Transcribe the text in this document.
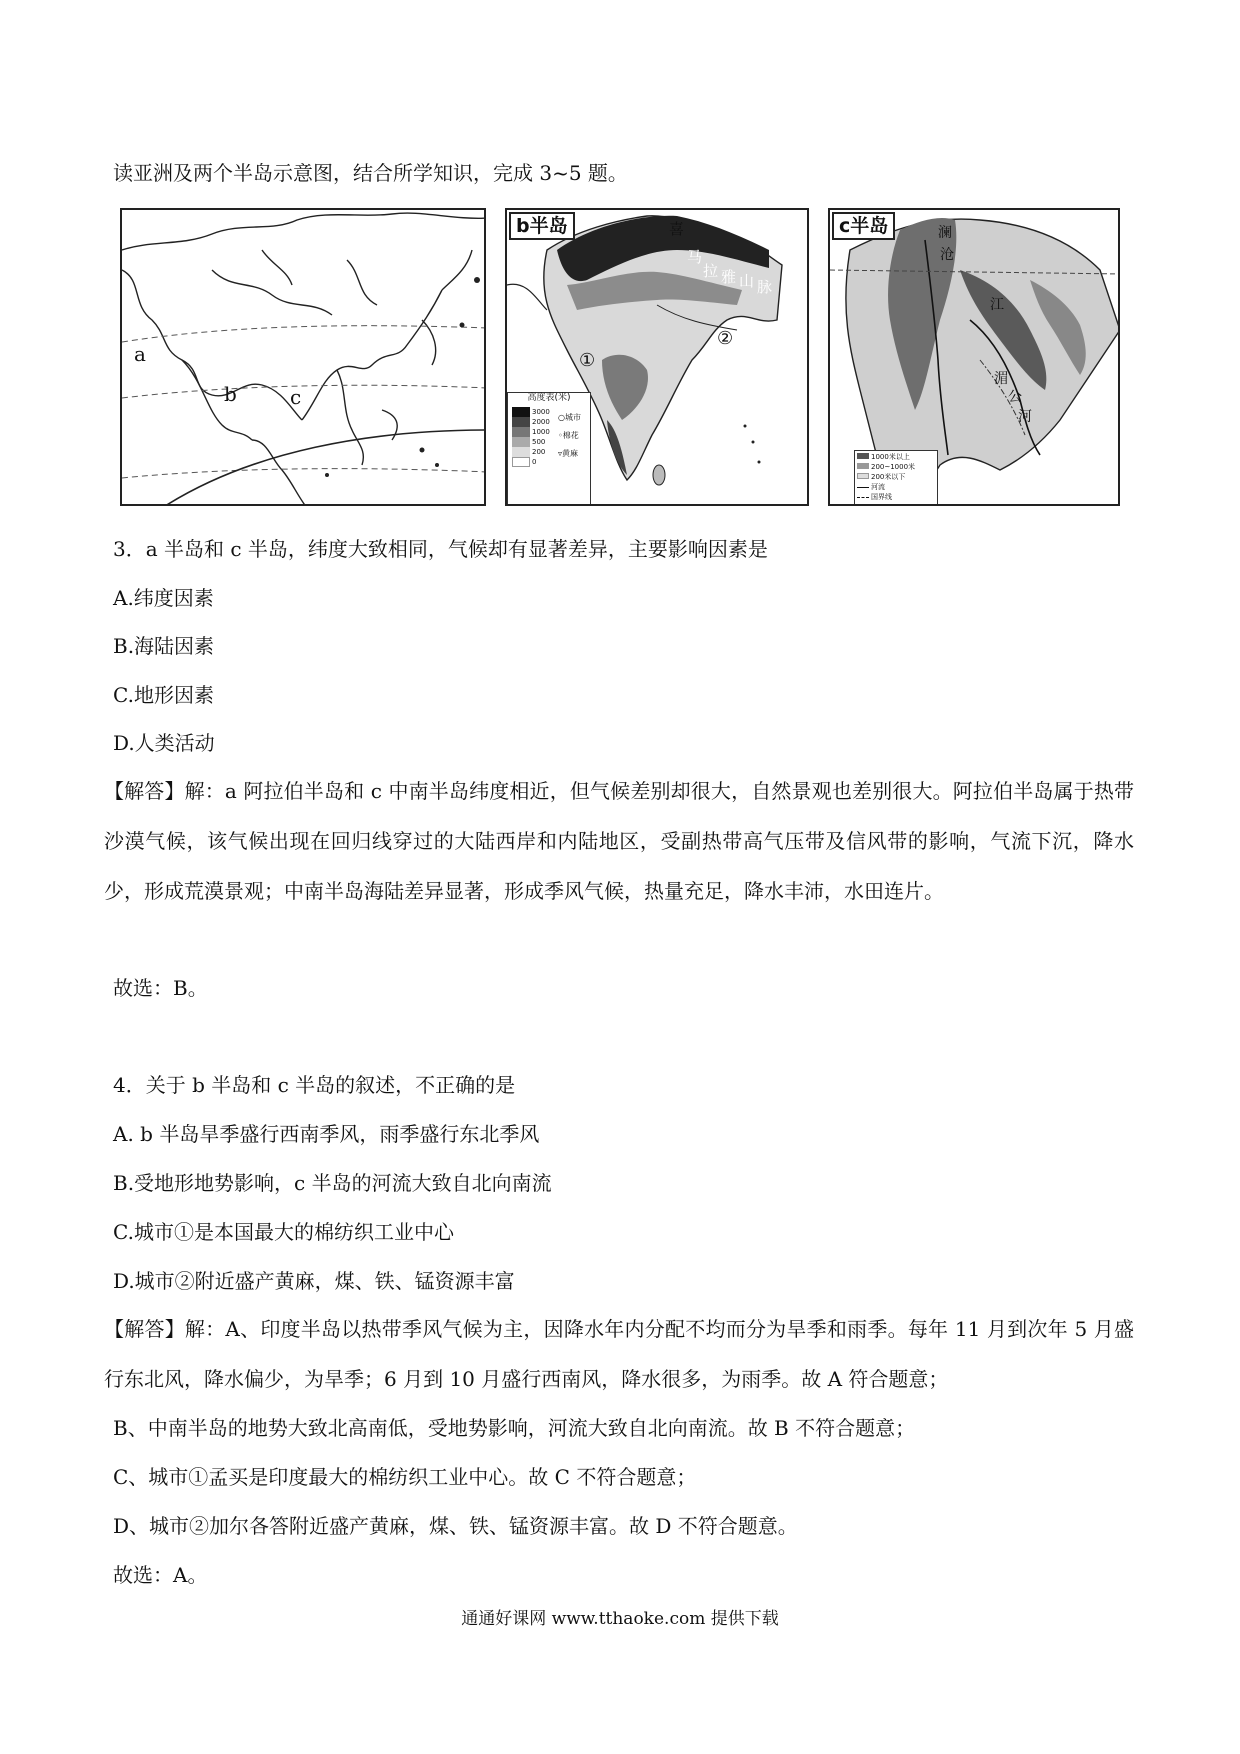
读亚洲及两个半岛示意图，结合所学知识，完成 3~5 题。
a
b	c
b半岛	喜
马
拉 雅 山 脉
①
②
高度表(米)
3000
2000
1000
500
200
0
○城市
◦棉花
▿黄麻
c半岛	澜
沧
江
湄
公
河
1000米以上
200~1000米
200米以下
河流
国界线
3．a 半岛和 c 半岛，纬度大致相同，气候却有显著差异，主要影响因素是
A.纬度因素
B.海陆因素
C.地形因素
D.人类活动
【解答】解：a 阿拉伯半岛和 c 中南半岛纬度相近，但气候差别却很大，自然景观也差别很大。阿拉伯半岛属于热带沙漠气候，该气候出现在回归线穿过的大陆西岸和内陆地区，受副热带高气压带及信风带的影响，气流下沉，降水少，形成荒漠景观；中南半岛海陆差异显著，形成季风气候，热量充足，降水丰沛，水田连片。
故选：B。
4．关于 b 半岛和 c 半岛的叙述，不正确的是
A. b 半岛旱季盛行西南季风，雨季盛行东北季风
B.受地形地势影响，c 半岛的河流大致自北向南流
C.城市①是本国最大的棉纺织工业中心
D.城市②附近盛产黄麻，煤、铁、锰资源丰富
【解答】解：A、印度半岛以热带季风气候为主，因降水年内分配不均而分为旱季和雨季。每年 11 月到次年 5 月盛行东北风，降水偏少，为旱季；6 月到 10 月盛行西南风，降水很多，为雨季。故 A 符合题意；
B、中南半岛的地势大致北高南低，受地势影响，河流大致自北向南流。故 B 不符合题意；
C、城市①孟买是印度最大的棉纺织工业中心。故 C 不符合题意；
D、城市②加尔各答附近盛产黄麻，煤、铁、锰资源丰富。故 D 不符合题意。
故选：A。
通通好课网 www.tthaoke.com 提供下载
